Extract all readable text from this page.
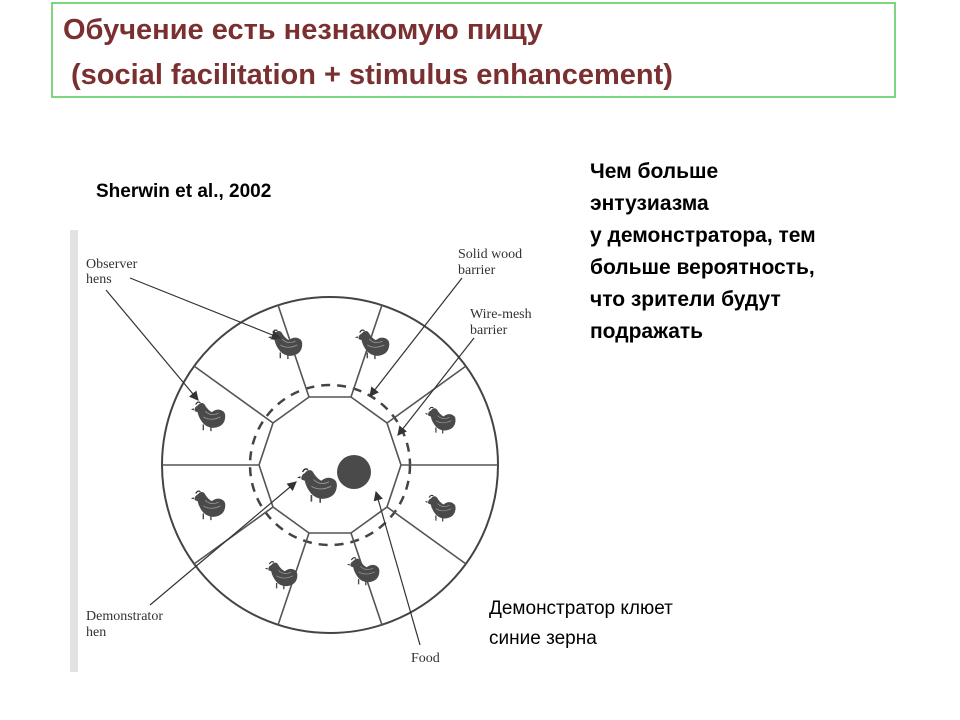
Обучение есть незнакомую пищу
(social facilitation + stimulus enhancement)
Sherwin et al., 2002
Чем больше
энтузиазма
у демонстратора, тем
больше вероятность,
что зрители будут
подражать
Демонстратор клюет
синие зерна
Observer
hens
Solid wood
barrier
Wire-mesh
barrier
Demonstrator
hen
Food
